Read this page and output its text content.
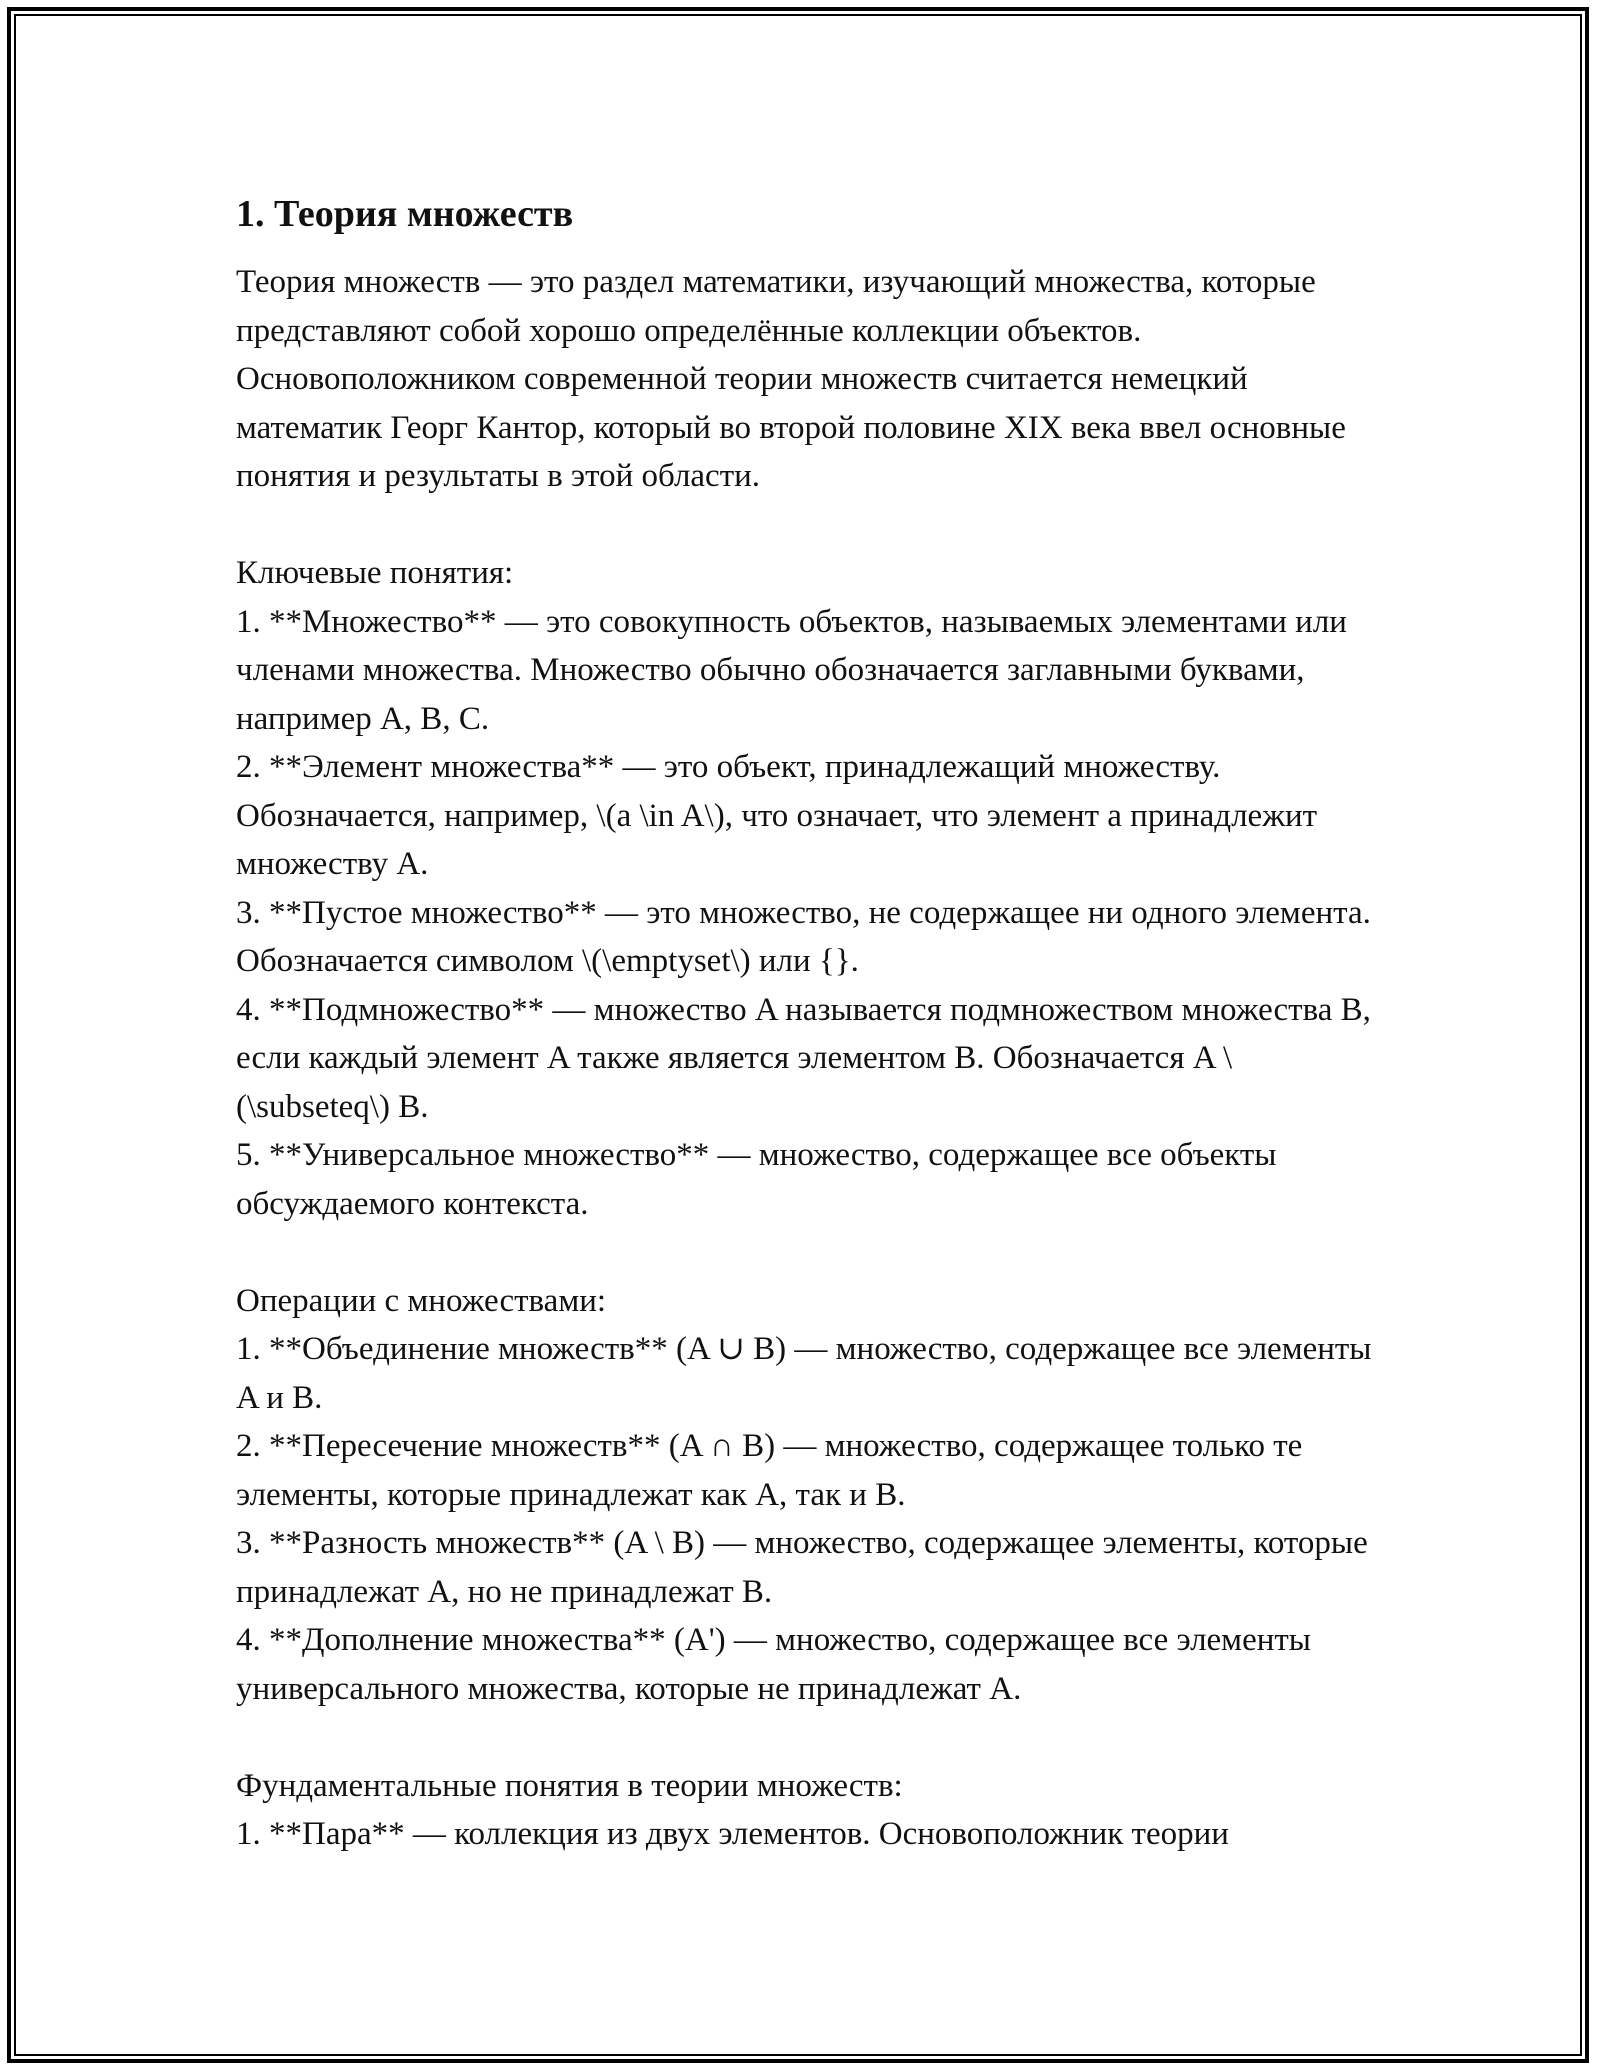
1. Теория множеств

Теория множеств — это раздел математики, изучающий множества, которые представляют собой хорошо определённые коллекции объектов. Основоположником современной теории множеств считается немецкий математик Георг Кантор, который во второй половине XIX века ввел основные понятия и результаты в этой области.

Ключевые понятия:

1. **Множество** — это совокупность объектов, называемых элементами или членами множества. Множество обычно обозначается заглавными буквами, например A, B, C.

2. **Элемент множества** — это объект, принадлежащий множеству. Обозначается, например, \(a \in A\), что означает, что элемент a принадлежит множеству A.

3. **Пустое множество** — это множество, не содержащее ни одного элемента. Обозначается символом \(\emptyset\) или {}.

4. **Подмножество** — множество A называется подмножеством множества B, если каждый элемент A также является элементом B. Обозначается A \(\subseteq\) B.

5. **Универсальное множество** — множество, содержащее все объекты обсуждаемого контекста.

Операции с множествами:

1. **Объединение множеств** (A ∪ B) — множество, содержащее все элементы A и B.

2. **Пересечение множеств** (A ∩ B) — множество, содержащее только те элементы, которые принадлежат как A, так и B.

3. **Разность множеств** (A \ B) — множество, содержащее элементы, которые принадлежат A, но не принадлежат B.

4. **Дополнение множества** (A') — множество, содержащее все элементы универсального множества, которые не принадлежат A.

Фундаментальные понятия в теории множеств:

1. **Пара** — коллекция из двух элементов. Основоположник теории
